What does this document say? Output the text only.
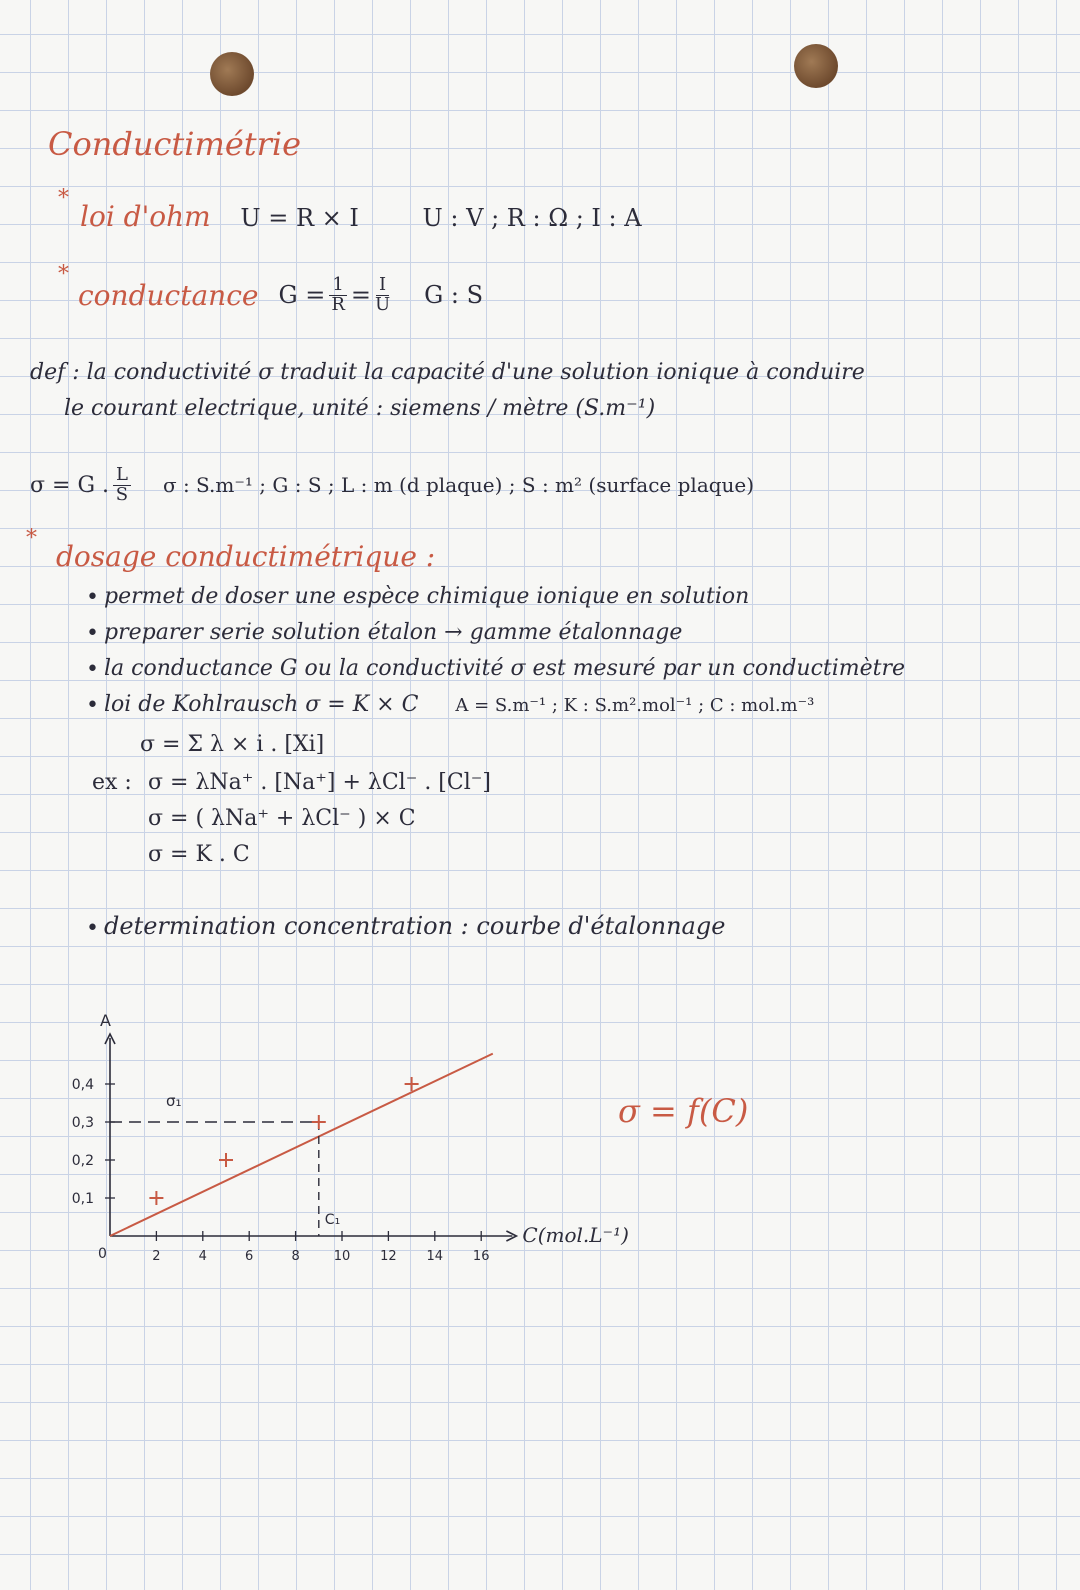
Conductimétrie
*
loi d'ohm U = R × I	U : V ; R : Ω ; I : A
*
conductance $G = \frac{1}{R} = \frac{I}{U}$ G : S
def : la conductivité σ traduit la capacité d'une solution ionique à conduire
le courant electrique, unité : siemens / mètre (S.m⁻¹)
σ = G . $\frac{L}{S}$ σ : S.m⁻¹ ; G : S ; L : m (d plaque) ; S : m² (surface plaque)
*
dosage conductimétrique :
• permet de doser une espèce chimique ionique en solution
• preparer serie solution étalon → gamme étalonnage
• la conductance G ou la conductivité σ est mesuré par un conductimètre
• loi de Kohlrausch σ = K × C A = S.m⁻¹ ; K : S.m².mol⁻¹ ; C : mol.m⁻³
σ = Σ λ × i . [Xi]
ex : σ = λNa⁺ . [Na⁺] + λCl⁻ . [Cl⁻]
σ = ( λNa⁺ + λCl⁻ ) × C
σ = K . C
• determination concentration : courbe d'étalonnage
A
C(mol.L⁻¹)
0	2	4	6	8	10 12 14 16
0,1
0,2
0,3
0,4
C₁
σ₁	σ = f(C)
